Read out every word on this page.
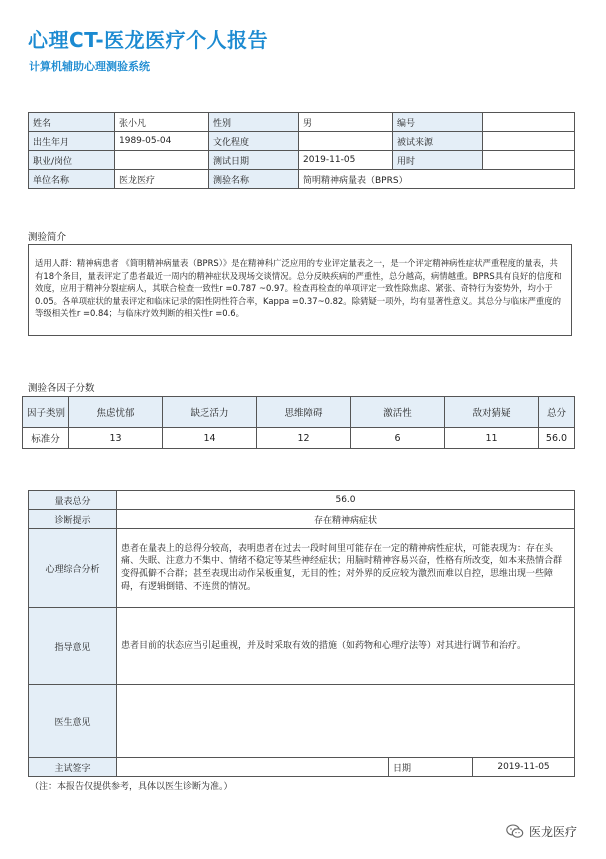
心理CT-医龙医疗个人报告
计算机辅助心理测验系统
姓名	张小凡	性别	男	编号	
出生年月	1989-05-04	文化程度		被试来源	
职业/岗位		测试日期	2019-11-05	用时	
单位名称	医龙医疗	测验名称	简明精神病量表（BPRS）		
测验简介
适用人群：精神病患者 《简明精神病量表（BPRS）》是在精神科广泛应用的专业评定量表之一，是一个评定精神病性症状严重程度的量表，共有18个条目，量表评定了患者最近一周内的精神症状及现场交谈情况。总分反映疾病的严重性，总分越高，病情越重。BPRS具有良好的信度和效度，应用于精神分裂症病人，其联合检查一致性r =0.787 ~0.97。检查再检查的单项评定一致性除焦虑、紧张、奇特行为姿势外，均小于0.05。各单项症状的量表评定和临床记录的阳性阴性符合率，Kappa =0.37~0.82。除猜疑一项外，均有显著性意义。其总分与临床严重度的等级相关性r =0.84；与临床疗效判断的相关性r =0.6。
测验各因子分数
因子类别	焦虑忧郁	缺乏活力	思维障碍	激活性	敌对猜疑	总分
标准分	13	14	12	6	11	56.0
量表总分	56.0		
诊断提示	存在精神病症状		
心理综合分析	患者在量表上的总得分较高，表明患者在过去一段时间里可能存在一定的精神病性症状，可能表现为：存在头痛、失眠、注意力不集中、情绪不稳定等某些神经症状；用脑时精神容易兴奋，性格有所改变，如本来热情合群变得孤僻不合群；甚至表现出动作呆板重复，无目的性；对外界的反应较为激烈而难以自控，思维出现一些障碍，有逻辑倒错、不连贯的情况。		
指导意见	患者目前的状态应当引起重视，并及时采取有效的措施（如药物和心理疗法等）对其进行调节和治疗。		
医生意见			
主试签字		日期	2019-11-05
（注：本报告仅提供参考，具体以医生诊断为准。）
医龙医疗
